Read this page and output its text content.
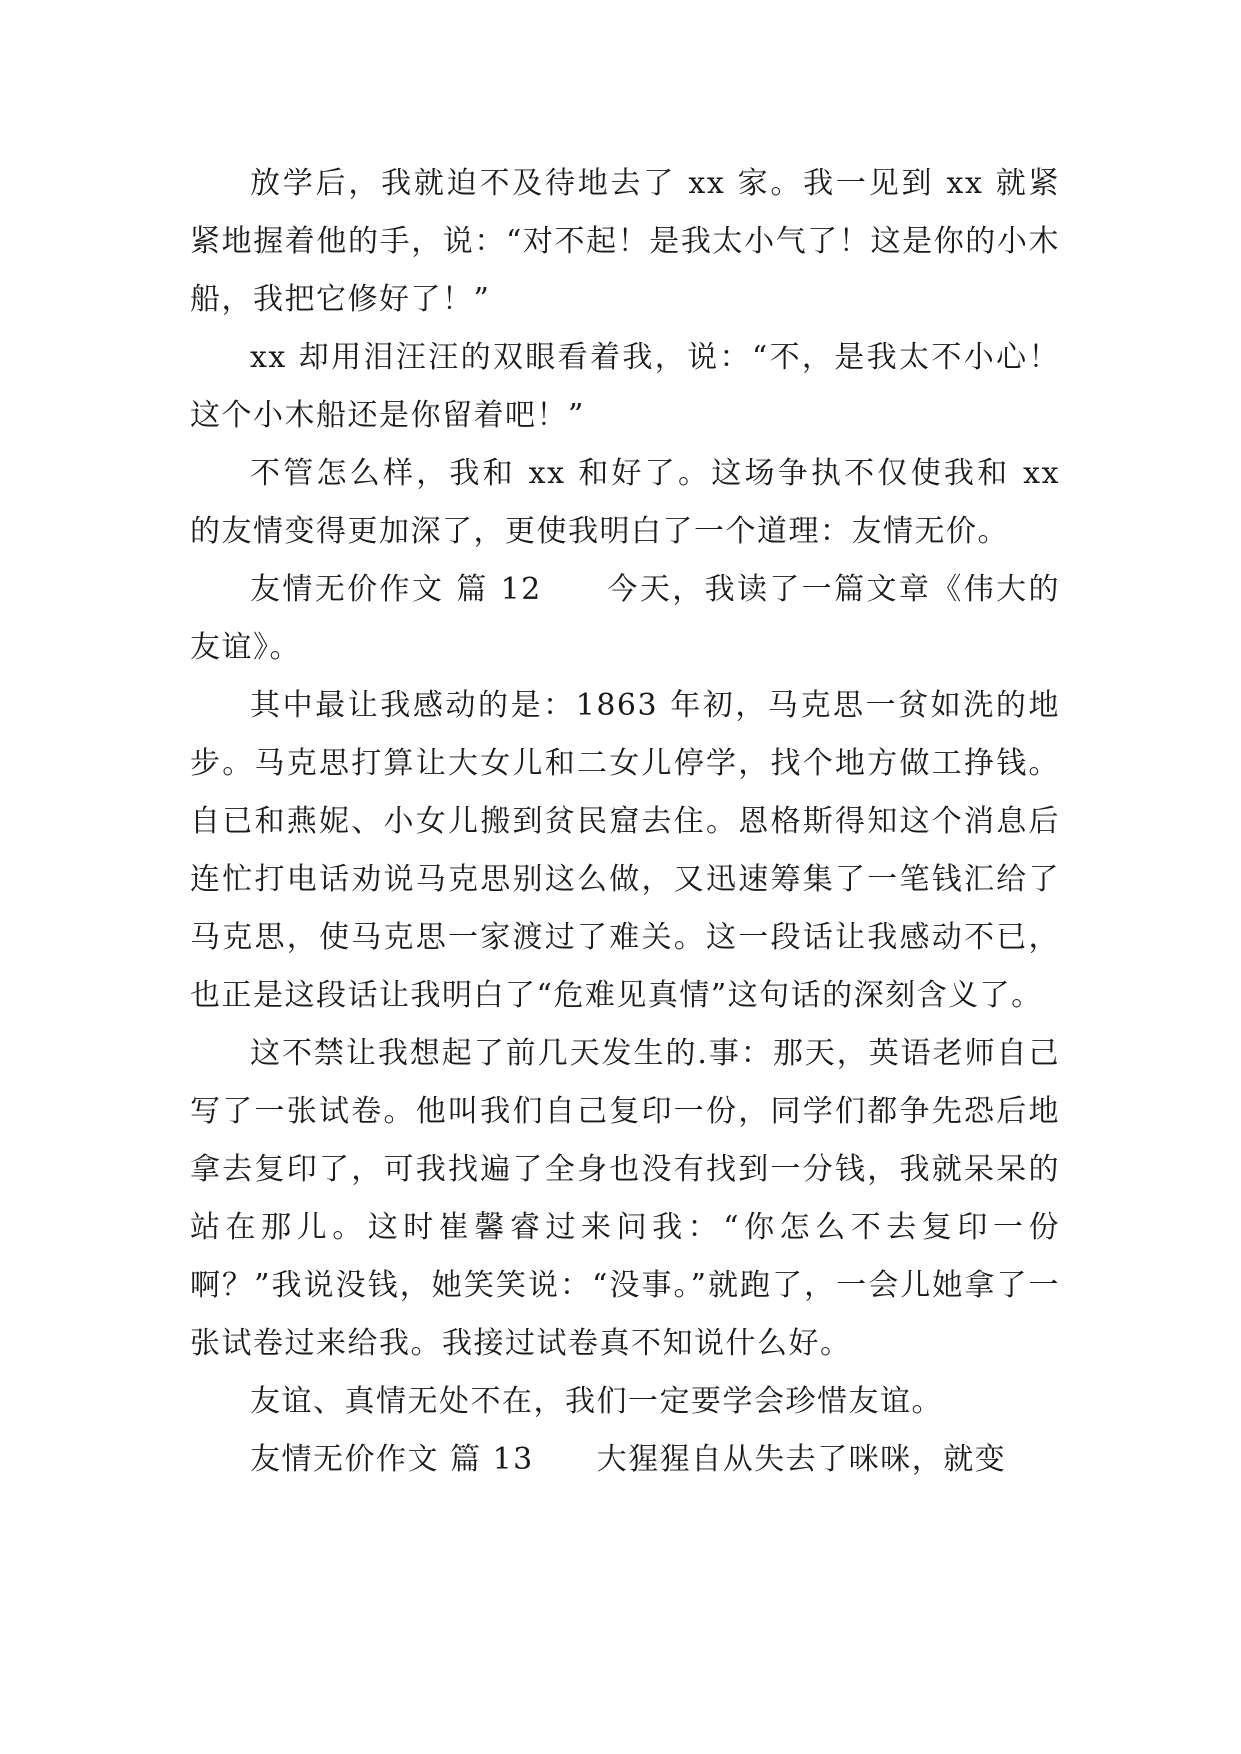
放学后，我就迫不及待地去了 xx 家。我一见到 xx 就紧紧地握着他的手，说：“对不起！是我太小气了！这是你的小木船，我把它修好了！”

xx 却用泪汪汪的双眼看着我，说：“不，是我太不小心！这个小木船还是你留着吧！”

不管怎么样，我和 xx 和好了。这场争执不仅使我和 xx 的友情变得更加深了，更使我明白了一个道理：友情无价。

友情无价作文 篇 12　　今天，我读了一篇文章《伟大的友谊》。

其中最让我感动的是：1863 年初，马克思一贫如洗的地步。马克思打算让大女儿和二女儿停学，找个地方做工挣钱。自已和燕妮、小女儿搬到贫民窟去住。恩格斯得知这个消息后连忙打电话劝说马克思别这么做，又迅速筹集了一笔钱汇给了马克思，使马克思一家渡过了难关。这一段话让我感动不已，也正是这段话让我明白了“危难见真情”这句话的深刻含义了。

这不禁让我想起了前几天发生的.事：那天，英语老师自己写了一张试卷。他叫我们自己复印一份，同学们都争先恐后地拿去复印了，可我找遍了全身也没有找到一分钱，我就呆呆的站在那儿。这时崔馨睿过来问我：“你怎么不去复印一份啊？”我说没钱，她笑笑说：“没事。”就跑了，一会儿她拿了一张试卷过来给我。我接过试卷真不知说什么好。

友谊、真情无处不在，我们一定要学会珍惜友谊。

友情无价作文 篇 13　　大猩猩自从失去了咪咪，就变
